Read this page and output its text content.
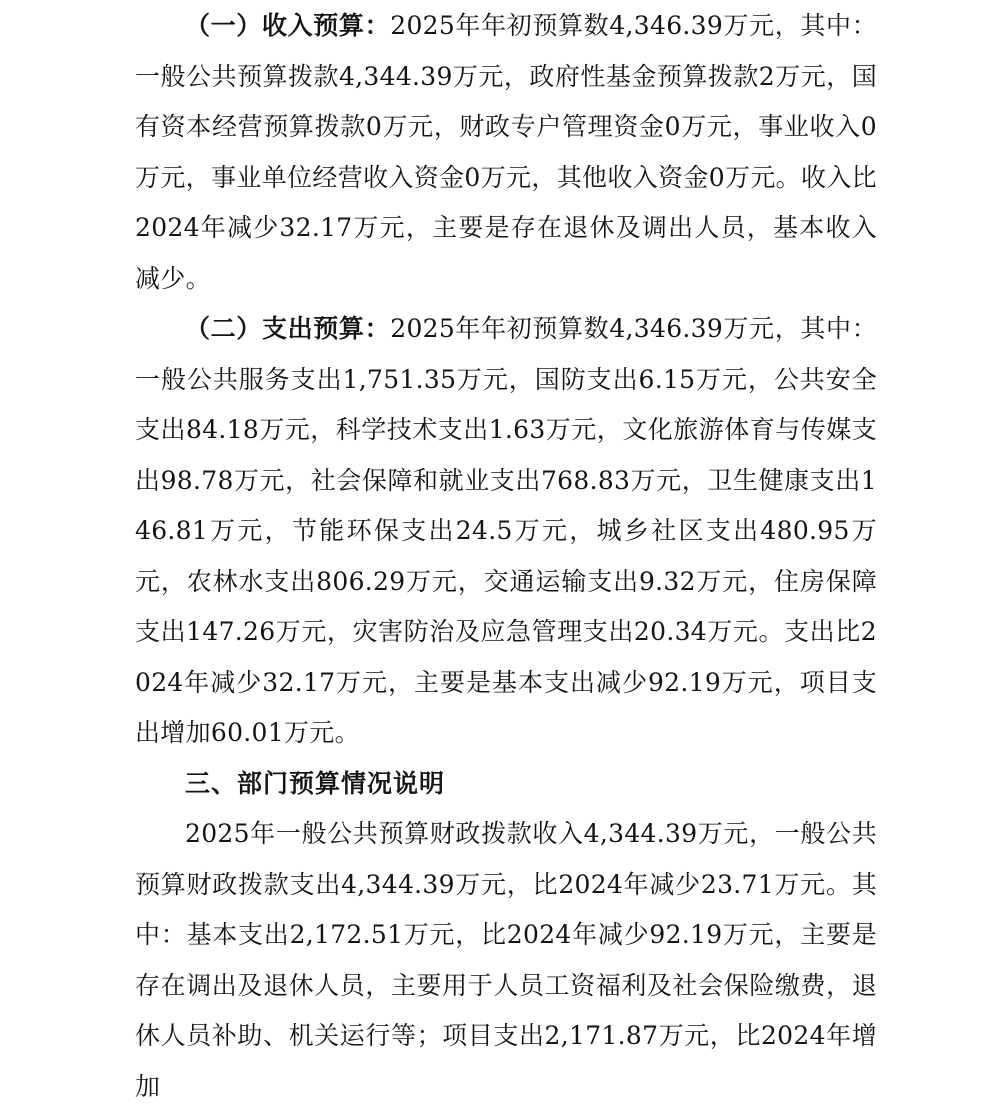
（一）收入预算：2025年年初预算数4,346.39万元，其中：一般公共预算拨款4,344.39万元，政府性基金预算拨款2万元，国有资本经营预算拨款0万元，财政专户管理资金0万元，事业收入0万元，事业单位经营收入资金0万元，其他收入资金0万元。收入比2024年减少32.17万元，主要是存在退休及调出人员，基本收入减少。

（二）支出预算：2025年年初预算数4,346.39万元，其中：一般公共服务支出1,751.35万元，国防支出6.15万元，公共安全支出84.18万元，科学技术支出1.63万元，文化旅游体育与传媒支出98.78万元，社会保障和就业支出768.83万元，卫生健康支出146.81万元，节能环保支出24.5万元，城乡社区支出480.95万元，农林水支出806.29万元，交通运输支出9.32万元，住房保障支出147.26万元，灾害防治及应急管理支出20.34万元。支出比2024年减少32.17万元，主要是基本支出减少92.19万元，项目支出增加60.01万元。

三、部门预算情况说明

2025年一般公共预算财政拨款收入4,344.39万元，一般公共预算财政拨款支出4,344.39万元，比2024年减少23.71万元。其中：基本支出2,172.51万元，比2024年减少92.19万元，主要是存在调出及退休人员，主要用于人员工资福利及社会保险缴费，退休人员补助、机关运行等；项目支出2,171.87万元，比2024年增加
